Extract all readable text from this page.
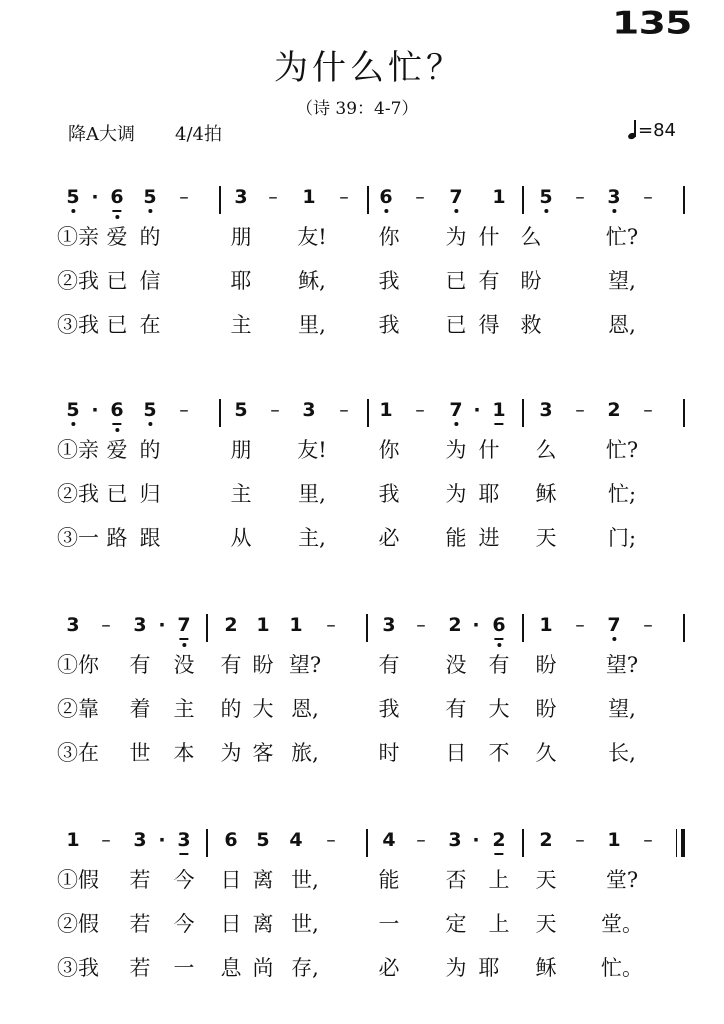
135
为什么忙？
（诗 39：4-7）
降A大调 4/4拍	=84
5 · 6 5 – 3 – 1 – 6 – 7 1 5 – 3 –
①亲 爱 的	朋 友! 你 为 什 么	忙?
②我 已 信	耶 稣,	我 已 有 盼	望,
③我 已 在	主 里,	我 已 得 救	恩,
5 · 6 5 – 5 – 3 – 1 – 7 · 1 3 – 2 –
①亲 爱 的	朋 友! 你 为 什 么 忙?
②我 已 归	主 里,	我 为 耶 稣 忙;
③一 路 跟	从 主,	必 能 进 天 门;
3 – 3 · 7 2 1 1 – 3 – 2 · 6 1 – 7 –
①你 有 没 有 盼 望?	有 没 有 盼 望?
②靠 着 主 的 大 恩,	我 有 大 盼 望,
③在 世 本 为 客 旅,	时 日 不 久 长,
1 – 3 · 3 6 5 4 – 4 – 3 · 2 2 – 1 –
①假 若 今 日 离 世,	能 否 上 天 堂?
②假 若 今 日 离 世,	一 定 上 天 堂。
③我 若 一 息 尚 存,	必 为 耶 稣 忙。
